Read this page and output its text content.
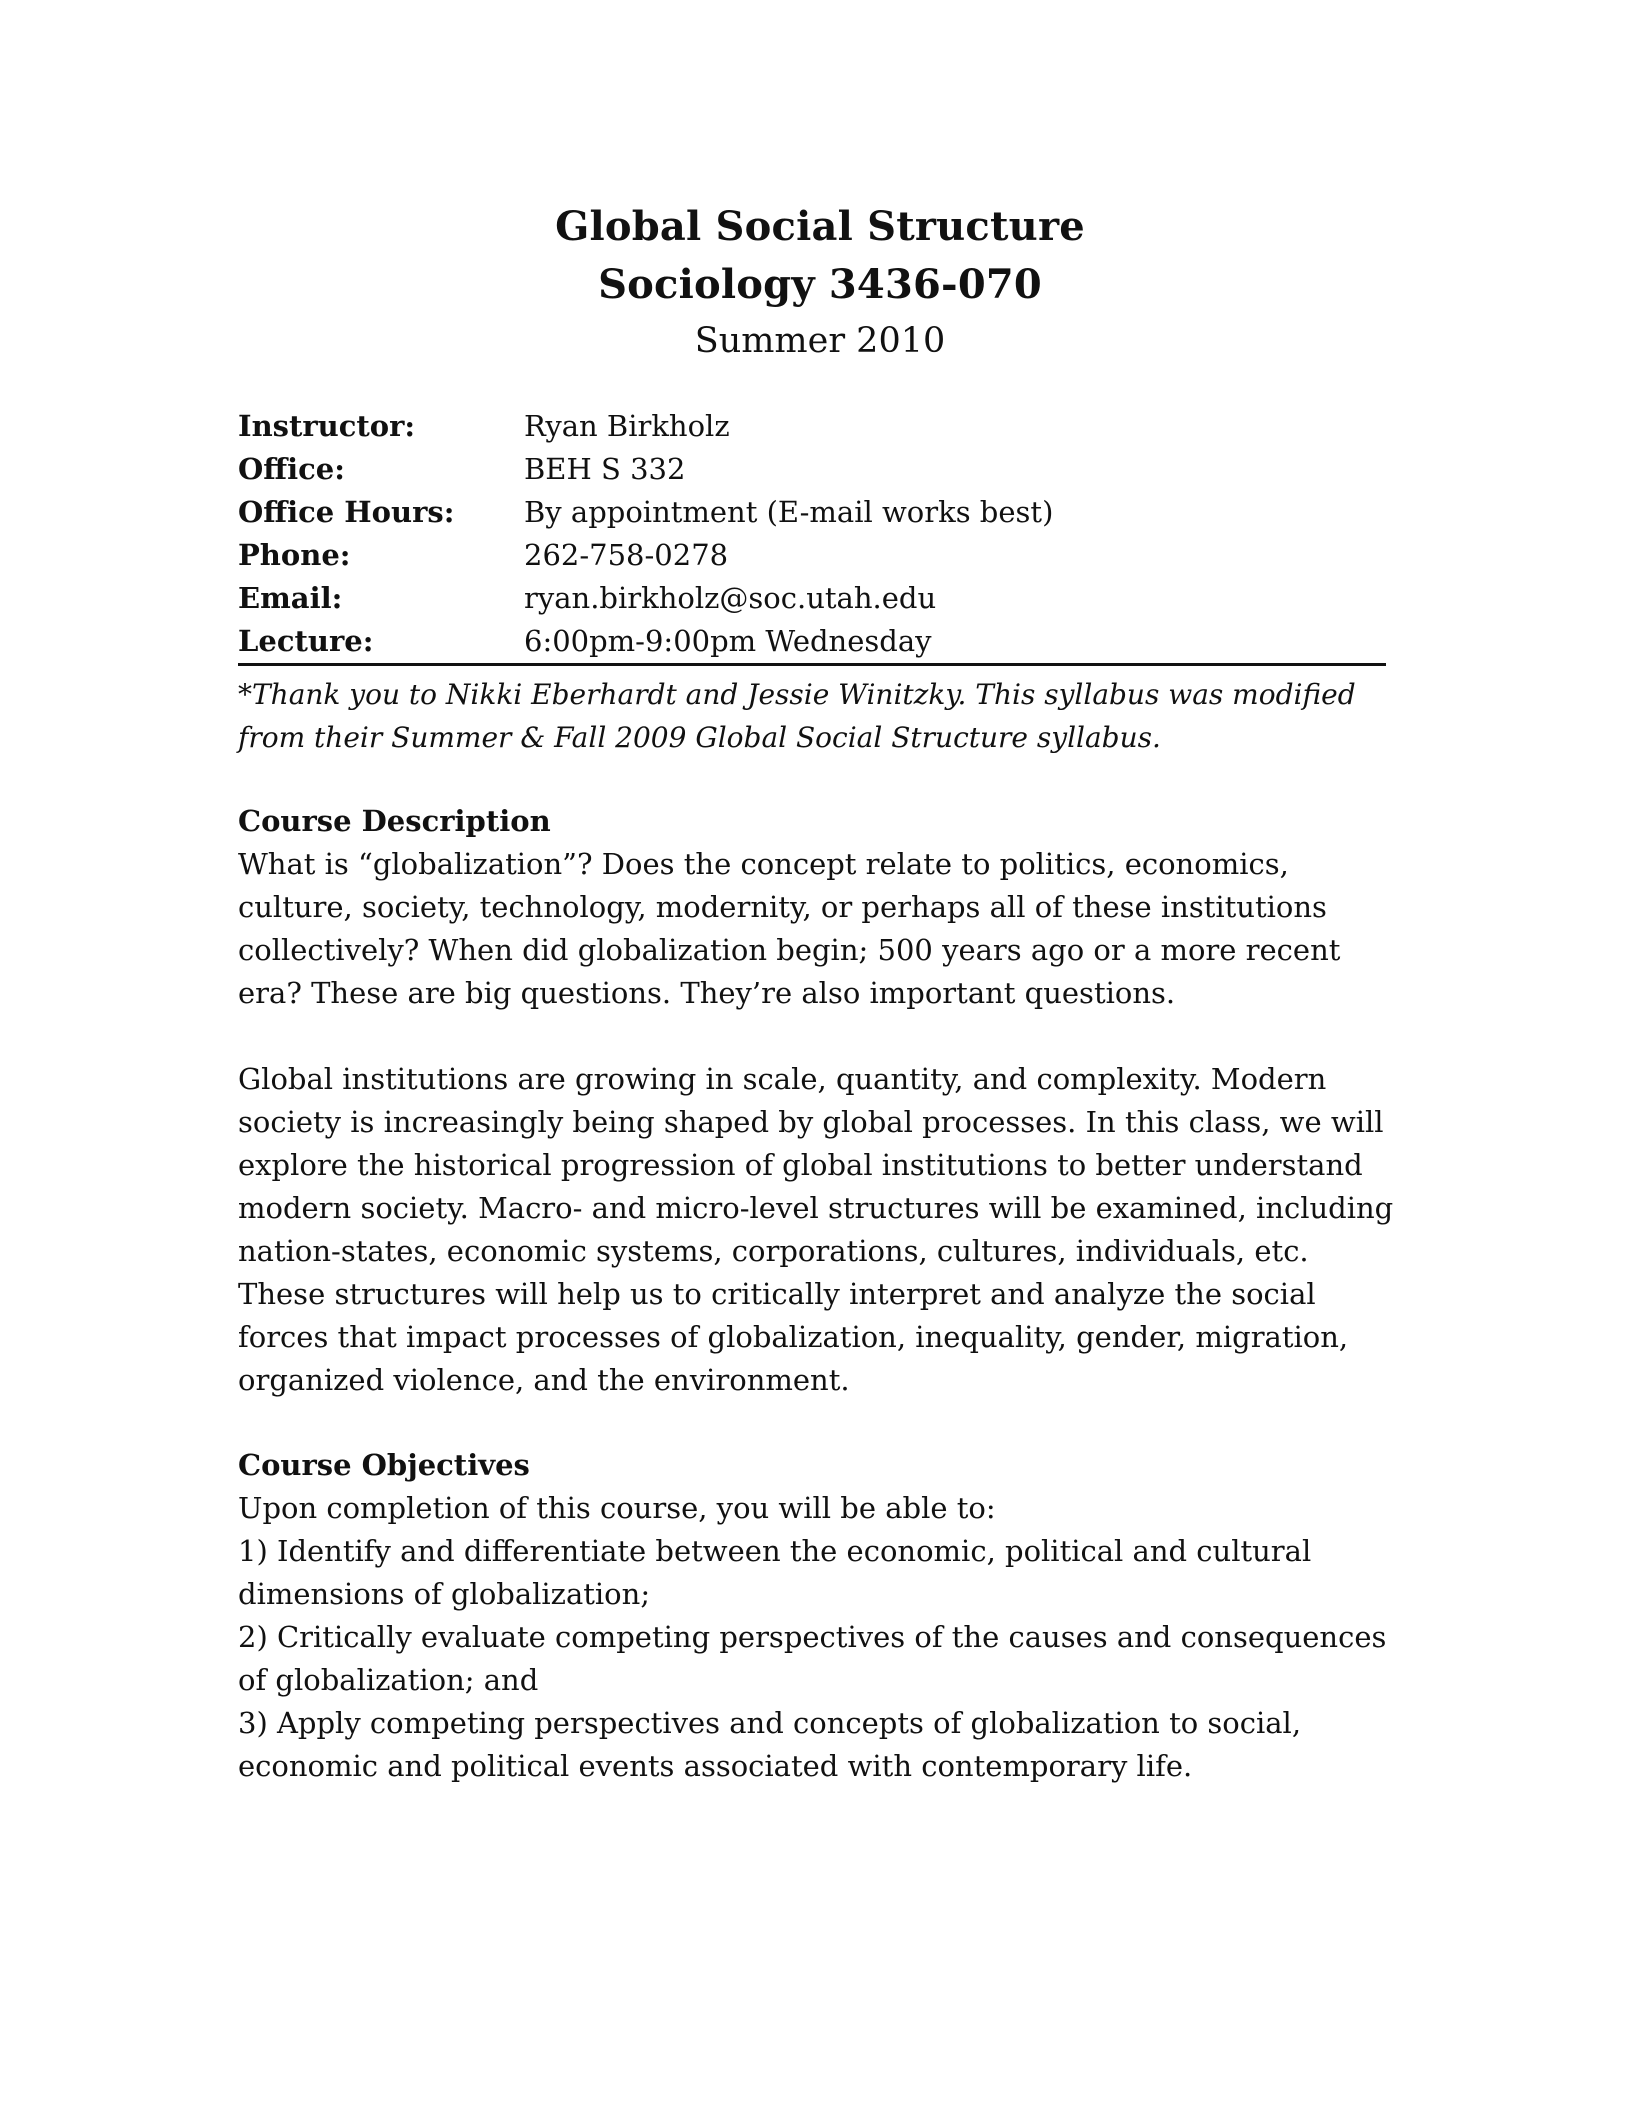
Global Social Structure
Sociology 3436-070
Summer 2010
Instructor:	Ryan Birkholz
Office:	BEH S 332
Office Hours:	By appointment (E-mail works best)
Phone:	262-758-0278
Email:	ryan.birkholz@soc.utah.edu
Lecture:	6:00pm-9:00pm Wednesday
*Thank you to Nikki Eberhardt and Jessie Winitzky. This syllabus was modified from their Summer & Fall 2009 Global Social Structure syllabus.
Course Description

What is “globalization”? Does the concept relate to politics, economics, culture, society, technology, modernity, or perhaps all of these institutions collectively? When did globalization begin; 500 years ago or a more recent era? These are big questions. They’re also important questions.

Global institutions are growing in scale, quantity, and complexity. Modern society is increasingly being shaped by global processes. In this class, we will explore the historical progression of global institutions to better understand modern society. Macro- and micro-level structures will be examined, including nation-states, economic systems, corporations, cultures, individuals, etc. These structures will help us to critically interpret and analyze the social forces that impact processes of globalization, inequality, gender, migration, organized violence, and the environment.

Course Objectives

Upon completion of this course, you will be able to:

1) Identify and differentiate between the economic, political and cultural dimensions of globalization;

2) Critically evaluate competing perspectives of the causes and consequences of globalization; and

3) Apply competing perspectives and concepts of globalization to social, economic and political events associated with contemporary life.
